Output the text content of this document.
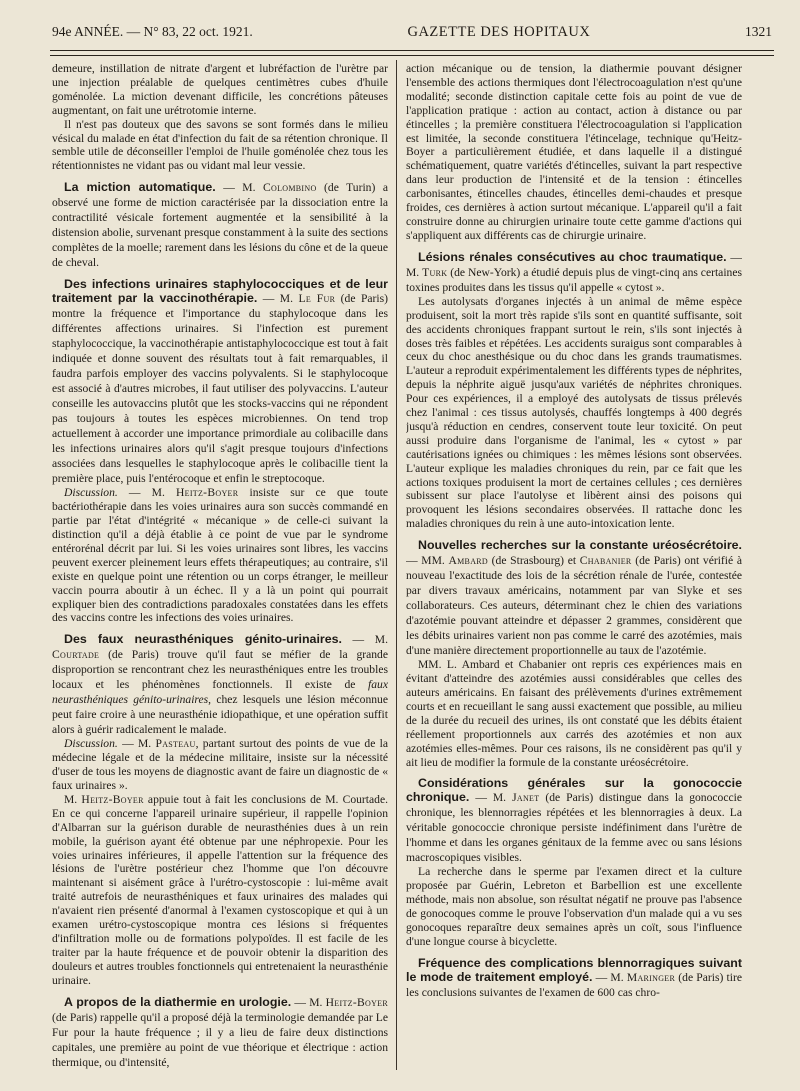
94e ANNÉE. — N° 83, 22 oct. 1921.	GAZETTE DES HOPITAUX	1321

demeure, instillation de nitrate d'argent et lubréfaction de l'urètre par une injection préalable de quelques centimètres cubes d'huile goménolée. La miction devenant difficile, les concrétions pâteuses augmentant, on fait une urétrotomie interne.

Il n'est pas douteux que des savons se sont formés dans le milieu vésical du malade en état d'infection du fait de sa rétention chronique. Il semble utile de déconseiller l'emploi de l'huile goménolée chez tous les rétentionnistes ne vidant pas ou vidant mal leur vessie.

La miction automatique. — M. Colombino (de Turin) a observé une forme de miction caractérisée par la dissociation entre la contractilité vésicale fortement augmentée et la sensibilité à la distension abolie, survenant presque constamment à la suite des sections complètes de la moelle; rarement dans les lésions du cône et de la queue de cheval.
Des infections urinaires staphylococciques et de leur traitement par la vaccinothérapie. — M. Le Fur (de Paris) montre la fréquence et l'importance du staphylocoque dans les différentes affections urinaires. Si l'infection est purement staphylococcique, la vaccinothérapie antistaphylococcique est tout à fait indiquée et donne souvent des résultats tout à fait remarquables, il faudra parfois employer des vaccins polyvalents. Si le staphylocoque est associé à d'autres microbes, il faut utiliser des polyvaccins. L'auteur conseille les autovaccins plutôt que les stocks-vaccins qui ne répondent pas toujours à toutes les espèces microbiennes. On tend trop actuellement à accorder une importance primordiale au colibacille dans les infections urinaires alors qu'il s'agit presque toujours d'infections associées dans lesquelles le staphylocoque après le colibacille tient la première place, puis l'entérocoque et enfin le streptocoque.

Discussion. — M. Heitz-Boyer insiste sur ce que toute bactériothérapie dans les voies urinaires aura son succès commandé en partie par l'état d'intégrité « mécanique » de celle-ci suivant la distinction qu'il a déjà établie à ce point de vue par le syndrome entérorénal décrit par lui. Si les voies urinaires sont libres, les vaccins peuvent exercer pleinement leurs effets thérapeutiques; au contraire, s'il existe en quelque point une rétention ou un corps étranger, le meilleur vaccin pourra aboutir à un échec. Il y a là un point qui pourrait expliquer bien des contradictions paradoxales constatées dans les effets des vaccins contre les infections des voies urinaires.

Des faux neurasthéniques génito-urinaires. — M. Courtade (de Paris) trouve qu'il faut se méfier de la grande disproportion se rencontrant chez les neurasthéniques entre les troubles locaux et les phénomènes fonctionnels. Il existe de faux neurasthéniques génito-urinaires, chez lesquels une lésion méconnue peut faire croire à une neurasthénie idiopathique, et une opération suffit alors à guérir radicalement le malade.

Discussion. — M. Pasteau, partant surtout des points de vue de la médecine légale et de la médecine militaire, insiste sur la nécessité d'user de tous les moyens de diagnostic avant de faire un diagnostic de « faux urinaires ».

M. Heitz-Boyer appuie tout à fait les conclusions de M. Courtade. En ce qui concerne l'appareil urinaire supérieur, il rappelle l'opinion d'Albarran sur la guérison durable de neurasthénies dues à un rein mobile, la guérison ayant été obtenue par une néphropexie. Pour les voies urinaires inférieures, il appelle l'attention sur la fréquence des lésions de l'urètre postérieur chez l'homme que l'on découvre maintenant si aisément grâce à l'urétro-cystoscopie : lui-même avait traité autrefois de neurasthéniques et faux urinaires des malades qui n'avaient rien présenté d'anormal à l'examen cystoscopique et qui à un examen urétro-cystoscopique montra ces lésions si fréquentes d'infiltration molle ou de formations polypoïdes. Il est facile de les traiter par la haute fréquence et de pouvoir obtenir la disparition des douleurs et autres troubles fonctionnels qui entretenaient la neurasthénie urinaire.

A propos de la diathermie en urologie. — M. Heitz-Boyer (de Paris) rappelle qu'il a proposé déjà la terminologie demandée par Le Fur pour la haute fréquence ; il y a lieu de faire deux distinctions capitales, une première au point de vue théorique et électrique : action thermique, ou d'intensité,

action mécanique ou de tension, la diathermie pouvant désigner l'ensemble des actions thermiques dont l'électrocoagulation n'est qu'une modalité; seconde distinction capitale cette fois au point de vue de l'application pratique : action au contact, action à distance ou par étincelles ; la première constituera l'électrocoagulation si l'application est limitée, la seconde constituera l'étincelage, technique qu'Heitz-Boyer a particulièrement étudiée, et dans laquelle il a distingué schématiquement, quatre variétés d'étincelles, suivant la part respective dans leur production de l'intensité et de la tension : étincelles carbonisantes, étincelles chaudes, étincelles demi-chaudes et presque froides, ces dernières à action surtout mécanique. L'appareil qu'il a fait construire donne au chirurgien urinaire toute cette gamme d'actions qui s'appliquent aux différents cas de chirurgie urinaire.

Lésions rénales consécutives au choc traumatique. — M. Turk (de New-York) a étudié depuis plus de vingt-cinq ans certaines toxines produites dans les tissus qu'il appelle « cytost ».

Les autolysats d'organes injectés à un animal de même espèce produisent, soit la mort très rapide s'ils sont en quantité suffisante, soit des accidents chroniques frappant surtout le rein, s'ils sont injectés à doses très faibles et répétées. Les accidents suraigus sont comparables à ceux du choc anesthésique ou du choc dans les grands traumatismes. L'auteur a reproduit expérimentalement les différents types de néphrites, depuis la néphrite aiguë jusqu'aux variétés de néphrites chroniques. Pour ces expériences, il a employé des autolysats de tissus prélevés chez l'animal : ces tissus autolysés, chauffés longtemps à 400 degrés jusqu'à réduction en cendres, conservent toute leur toxicité. On peut aussi produire dans l'organisme de l'animal, les « cytost » par cautérisations ignées ou chimiques : les mêmes lésions sont observées. L'auteur explique les maladies chroniques du rein, par ce fait que les actions toxiques produisent la mort de certaines cellules ; ces dernières subissent sur place l'autolyse et libèrent ainsi des poisons qui provoquent les lésions secondaires observées. Il rattache donc les maladies chroniques du rein à une auto-intoxication lente.

Nouvelles recherches sur la constante uréosécrétoire. — MM. Ambard (de Strasbourg) et Chabanier (de Paris) ont vérifié à nouveau l'exactitude des lois de la sécrétion rénale de l'urée, contestée par divers travaux américains, notamment par van Slyke et ses collaborateurs. Ces auteurs, déterminant chez le chien des variations d'azotémie pouvant atteindre et dépasser 2 grammes, considèrent que les débits urinaires varient non pas comme le carré des azotémies, mais d'une manière directement proportionnelle au taux de l'azotémie.

MM. L. Ambard et Chabanier ont repris ces expériences mais en évitant d'atteindre des azotémies aussi considérables que celles des auteurs américains. En faisant des prélèvements d'urines extrêmement courts et en recueillant le sang aussi exactement que possible, au milieu de la durée du recueil des urines, ils ont constaté que les débits étaient réellement proportionnels aux carrés des azotémies et non aux azotémies elles-mêmes. Pour ces raisons, ils ne considèrent pas qu'il y ait lieu de modifier la formule de la constante uréosécrétoire.

Considérations générales sur la gonococcie chronique. — M. Janet (de Paris) distingue dans la gonococcie chronique, les blennorragies répétées et les blennorragies à deux. La véritable gonococcie chronique persiste indéfiniment dans l'urètre de l'homme et dans les organes génitaux de la femme avec ou sans lésions macroscopiques visibles.

La recherche dans le sperme par l'examen direct et la culture proposée par Guérin, Lebreton et Barbellion est une excellente méthode, mais non absolue, son résultat négatif ne prouve pas l'absence de gonocoques comme le prouve l'observation d'un malade qui a vu ses gonocoques reparaître deux semaines après un coït, sous l'influence d'une longue course à bicyclette.

Fréquence des complications blennorragiques suivant le mode de traitement employé. — M. Maringer (de Paris) tire les conclusions suivantes de l'examen de 600 cas chro-
